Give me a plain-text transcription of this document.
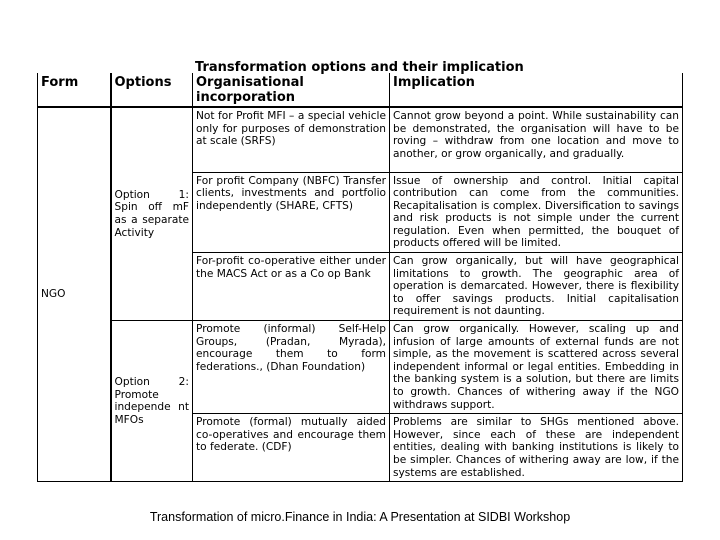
Transformation options and their implication
Form	Options	Organisational incorporation	Implication
NGO	Option 1: Spin off mF as a separate Activity	Not for Profit MFI – a special vehicle only for purposes of demonstration at scale (SRFS)	Cannot grow beyond a point. While sustainability can be demonstrated, the organisation will have to be roving – withdraw from one location and move to another, or grow organically, and gradually.
		For profit Company (NBFC) Transfer clients, investments and portfolio independently (SHARE, CFTS)	Issue of ownership and control. Initial capital contribution can come from the communities. Recapitalisation is complex. Diversification to savings and risk products is not simple under the current regulation. Even when permitted, the bouquet of products offered will be limited.
		For-profit co-operative either under the MACS Act or as a Co op Bank	Can grow organically, but will have geographical limitations to growth. The geographic area of operation is demarcated. However, there is flexibility to offer savings products. Initial capitalisation requirement is not daunting.

	Option 2: Promote independe nt MFOs	Promote (informal) Self-Help Groups, (Pradan, Myrada), encourage them to form federations., (Dhan Foundation)	Can grow organically. However, scaling up and infusion of large amounts of external funds are not simple, as the movement is scattered across several independent informal or legal entities. Embedding in the banking system is a solution, but there are limits to growth. Chances of withering away if the NGO withdraws support.
		Promote (formal) mutually aided co-operatives and encourage them to federate. (CDF)	Problems are similar to SHGs mentioned above. However, since each of these are independent entities, dealing with banking institutions is likely to be simpler. Chances of withering away are low, if the systems are established.
Transformation of micro.Finance in India: A Presentation at SIDBI Workshop
